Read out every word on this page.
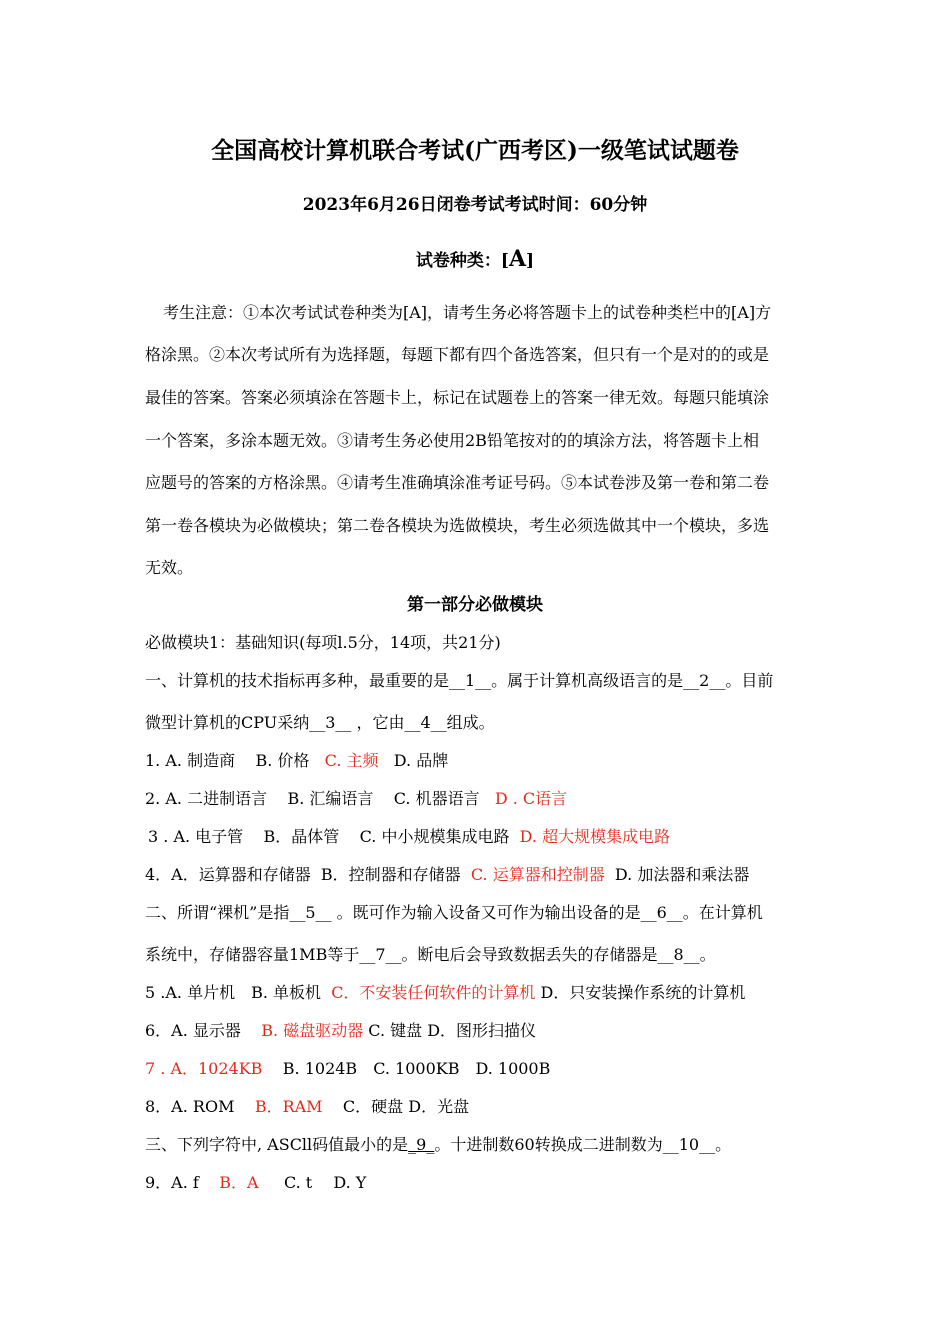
全国高校计算机联合考试(广西考区)一级笔试试题卷
2023年6月26日闭卷考试考试时间：60分钟
试卷种类：[A]
考生注意：①本次考试试卷种类为[A]，请考生务必将答题卡上的试卷种类栏中的[A]方
格涂黑。②本次考试所有为选择题，每题下都有四个备选答案，但只有一个是对的的或是
最佳的答案。答案必须填涂在答题卡上，标记在试题卷上的答案一律无效。每题只能填涂
一个答案，多涂本题无效。③请考生务必使用2B铅笔按对的的填涂方法，将答题卡上相
应题号的答案的方格涂黑。④请考生准确填涂准考证号码。⑤本试卷涉及第一卷和第二卷
第一卷各模块为必做模块；第二卷各模块为选做模块，考生必须选做其中一个模块，多选
无效。
第一部分必做模块
必做模块1：基础知识(每项l.5分，14项，共21分)
一、计算机的技术指标再多种，最重要的是__1__。属于计算机高级语言的是__2__。目前
微型计算机的CPU采纳__3__ ，它由__4__组成。
1. A. 制造商 B. 价格 C. 主频 D. 品牌
2. A. 二进制语言 B. 汇编语言 C. 机器语言 D . C语言
3 . A. 电子管 B．晶体管 C. 中小规模集成电路 D. 超大规模集成电路
4．A．运算器和存储器 B．控制器和存储器 C. 运算器和控制器 D. 加法器和乘法器
二、所谓“裸机”是指__5__ 。既可作为输入设备又可作为输出设备的是__6__。在计算机
系统中，存储器容量1MB等于__7__。断电后会导致数据丢失的存储器是__8__。
5 .A. 单片机　B. 单板机 C．不安装任何软件的计算机 D．只安装操作系统的计算机
6．A. 显示器 B. 磁盘驱动器 C. 键盘 D．图形扫描仪
7 . A．1024KB B. 1024B　C. 1000KB　D. 1000B
8．A. ROM B．RAM C．硬盘 D．光盘
三、下列字符中, ASCll码值最小的是_9_。十进制数60转换成二进制数为__10__。
9．A. f B．A C. t　 D. Y
